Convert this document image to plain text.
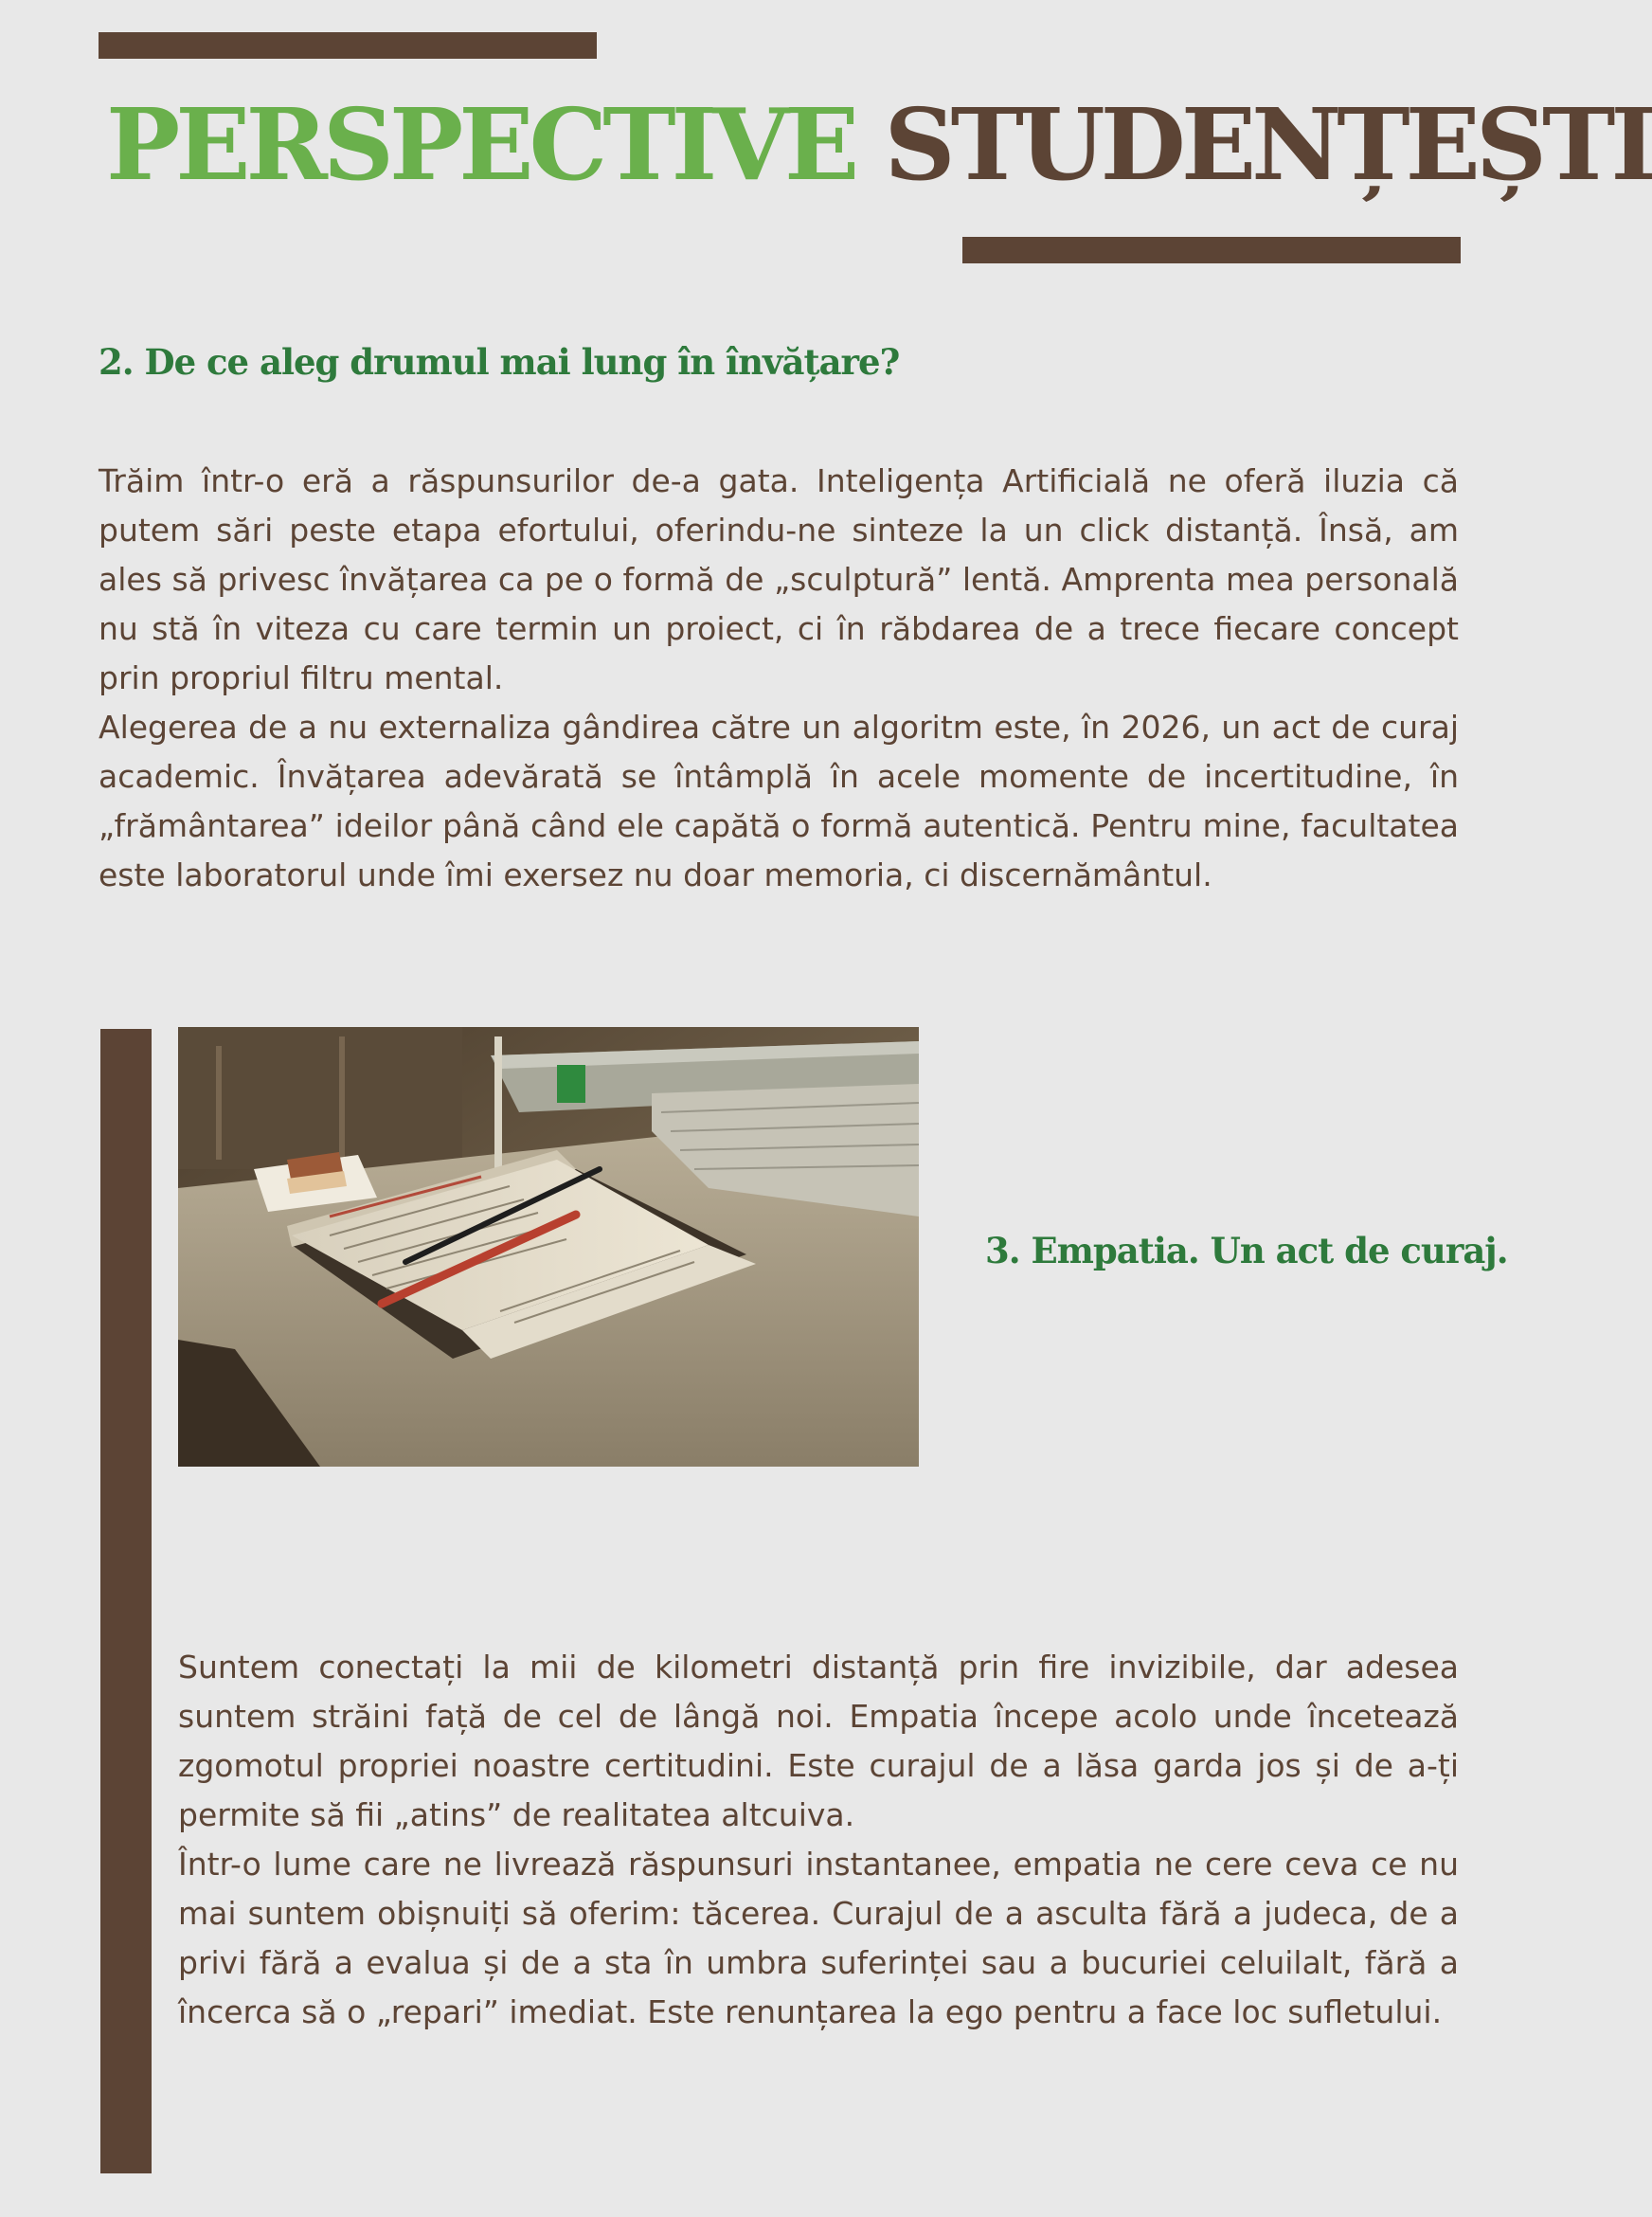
PERSPECTIVE STUDENȚEȘTI
2. De ce aleg drumul mai lung în învățare?

Trăim într-o eră a răspunsurilor de-a gata. Inteligența Artificială ne oferă iluzia că putem sări peste etapa efortului, oferindu-ne sinteze la un click distanță. Însă, am ales să privesc învățarea ca pe o formă de „sculptură” lentă. Amprenta mea personală nu stă în viteza cu care termin un proiect, ci în răbdarea de a trece fiecare concept prin propriul filtru mental.

Alegerea de a nu externaliza gândirea către un algoritm este, în 2026, un act de curaj academic. Învățarea adevărată se întâmplă în acele momente de incertitudine, în „frământarea” ideilor până când ele capătă o formă autentică. Pentru mine, facultatea este laboratorul unde îmi exersez nu doar memoria, ci discernământul.

3. Empatia. Un act de curaj.

Suntem conectați la mii de kilometri distanță prin fire invizibile, dar adesea suntem străini față de cel de lângă noi. Empatia începe acolo unde încetează zgomotul propriei noastre certitudini. Este curajul de a lăsa garda jos și de a-ți permite să fii „atins” de realitatea altcuiva.

Într-o lume care ne livrează răspunsuri instantanee, empatia ne cere ceva ce nu mai suntem obișnuiți să oferim: tăcerea. Curajul de a asculta fără a judeca, de a privi fără a evalua și de a sta în umbra suferinței sau a bucuriei celuilalt, fără a încerca să o „repari” imediat. Este renunțarea la ego pentru a face loc sufletului.
